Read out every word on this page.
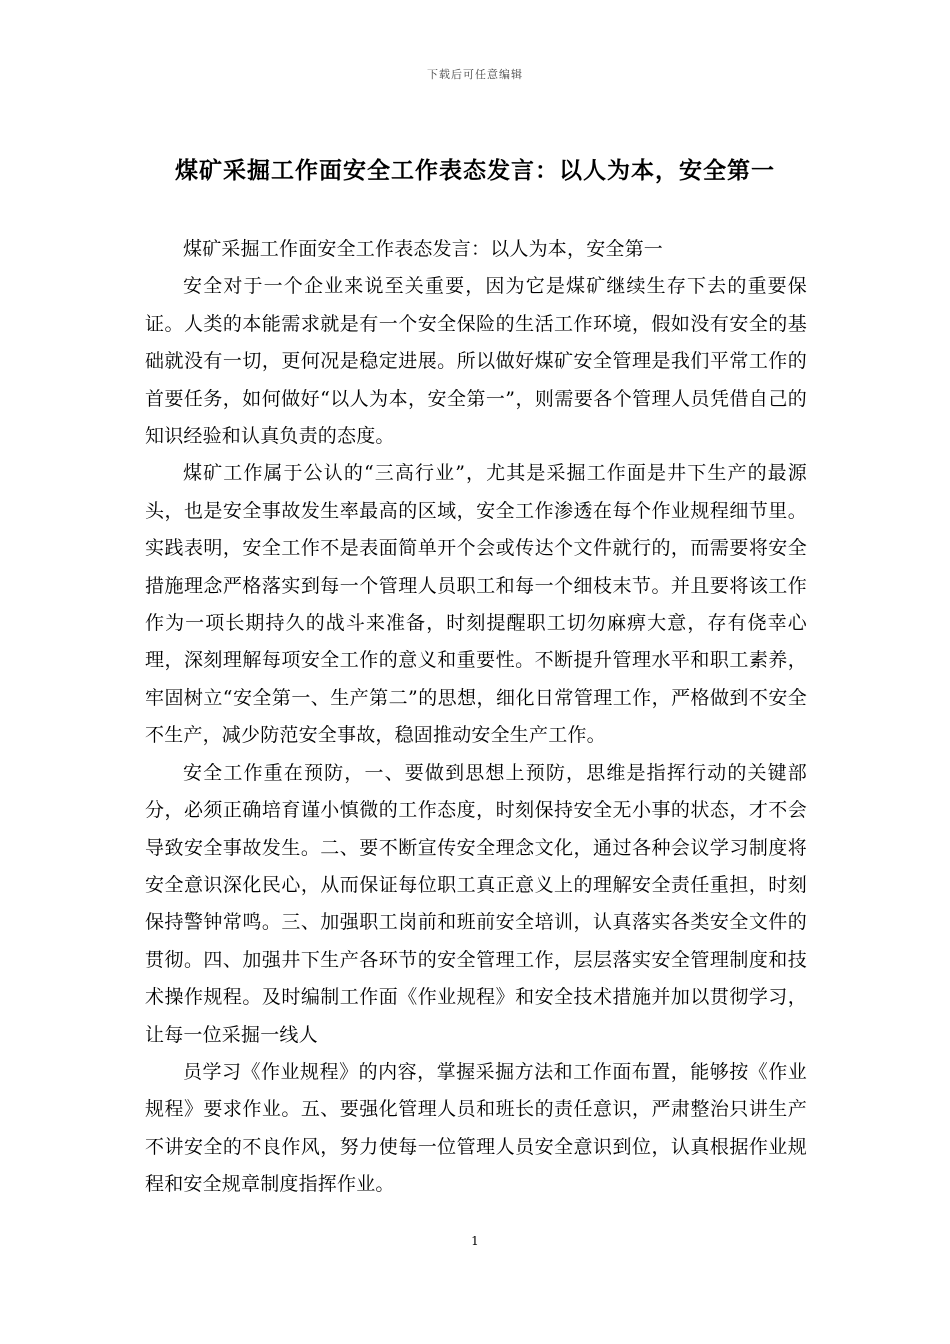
下载后可任意编辑
煤矿采掘工作面安全工作表态发言：以人为本，安全第一

煤矿采掘工作面安全工作表态发言：以人为本，安全第一

安全对于一个企业来说至关重要，因为它是煤矿继续生存下去的重要保证。人类的本能需求就是有一个安全保险的生活工作环境，假如没有安全的基础就没有一切，更何况是稳定进展。所以做好煤矿安全管理是我们平常工作的首要任务，如何做好“以人为本，安全第一”，则需要各个管理人员凭借自己的知识经验和认真负责的态度。

煤矿工作属于公认的“三高行业”，尤其是采掘工作面是井下生产的最源头，也是安全事故发生率最高的区域，安全工作渗透在每个作业规程细节里。实践表明，安全工作不是表面简单开个会或传达个文件就行的，而需要将安全措施理念严格落实到每一个管理人员职工和每一个细枝末节。并且要将该工作作为一项长期持久的战斗来准备，时刻提醒职工切勿麻痹大意，存有侥幸心理，深刻理解每项安全工作的意义和重要性。不断提升管理水平和职工素养，牢固树立“安全第一、生产第二”的思想，细化日常管理工作，严格做到不安全不生产，减少防范安全事故，稳固推动安全生产工作。

安全工作重在预防，一、要做到思想上预防，思维是指挥行动的关键部分，必须正确培育谨小慎微的工作态度，时刻保持安全无小事的状态，才不会导致安全事故发生。二、要不断宣传安全理念文化，通过各种会议学习制度将安全意识深化民心，从而保证每位职工真正意义上的理解安全责任重担，时刻保持警钟常鸣。三、加强职工岗前和班前安全培训，认真落实各类安全文件的贯彻。四、加强井下生产各环节的安全管理工作，层层落实安全管理制度和技术操作规程。及时编制工作面《作业规程》和安全技术措施并加以贯彻学习，让每一位采掘一线人

员学习《作业规程》的内容，掌握采掘方法和工作面布置，能够按《作业规程》要求作业。五、要强化管理人员和班长的责任意识，严肃整治只讲生产不讲安全的不良作风，努力使每一位管理人员安全意识到位，认真根据作业规程和安全规章制度指挥作业。

1
